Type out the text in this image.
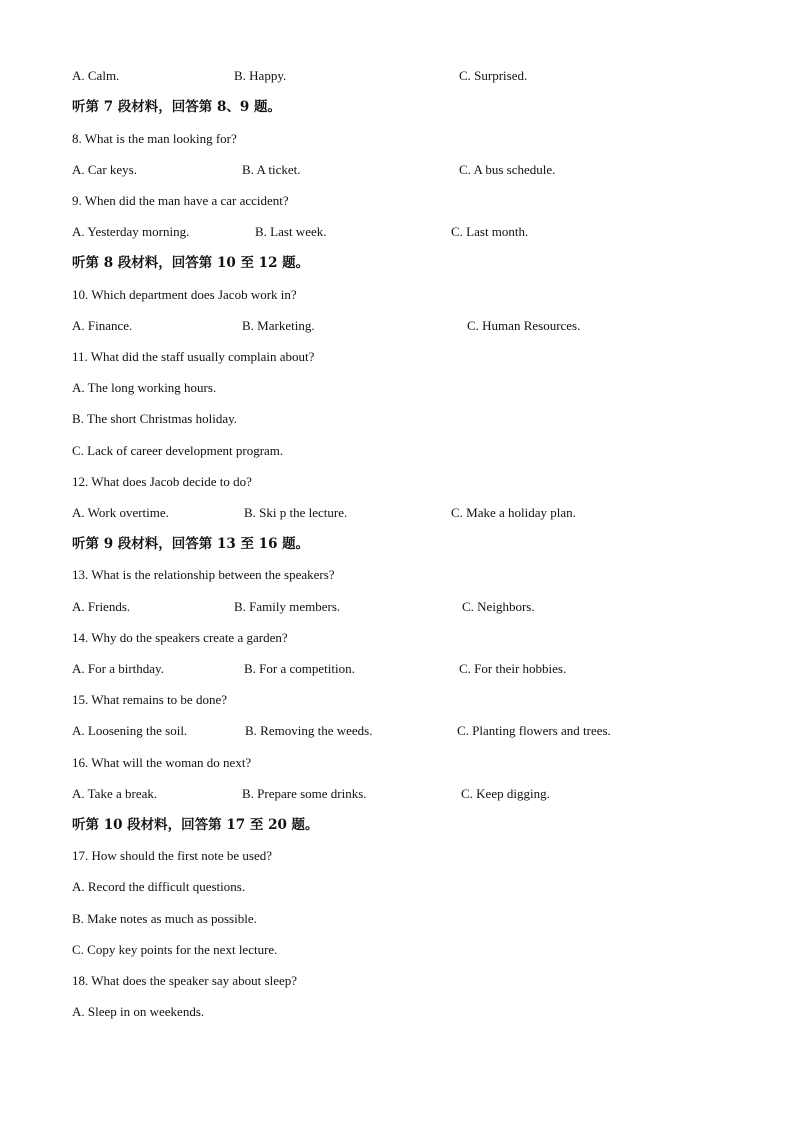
A. Calm.	B. Happy.	C. Surprised.
听第 7 段材料，回答第 8、9 题。
8. What is the man looking for?
A. Car keys.	B. A ticket.	C. A bus schedule.
9. When did the man have a car accident?
A. Yesterday morning.	B. Last week.	C. Last month.
听第 8 段材料，回答第 10 至 12 题。
10. Which department does Jacob work in?
A. Finance.	B. Marketing.	C. Human Resources.
11. What did the staff usually complain about?
A. The long working hours.
B. The short Christmas holiday.
C. Lack of career development program.
12. What does Jacob decide to do?
A. Work overtime.	B. Ski p the lecture.	C. Make a holiday plan.
听第 9 段材料，回答第 13 至 16 题。
13. What is the relationship between the speakers?
A. Friends.	B. Family members.	C. Neighbors.
14. Why do the speakers create a garden?
A. For a birthday.	B. For a competition.	C. For their hobbies.
15. What remains to be done?
A. Loosening the soil.	B. Removing the weeds.	C. Planting flowers and trees.
16. What will the woman do next?
A. Take a break.	B. Prepare some drinks.	C. Keep digging.
听第 10 段材料，回答第 17 至 20 题。
17. How should the first note be used?
A. Record the difficult questions.
B. Make notes as much as possible.
C. Copy key points for the next lecture.
18. What does the speaker say about sleep?
A. Sleep in on weekends.
